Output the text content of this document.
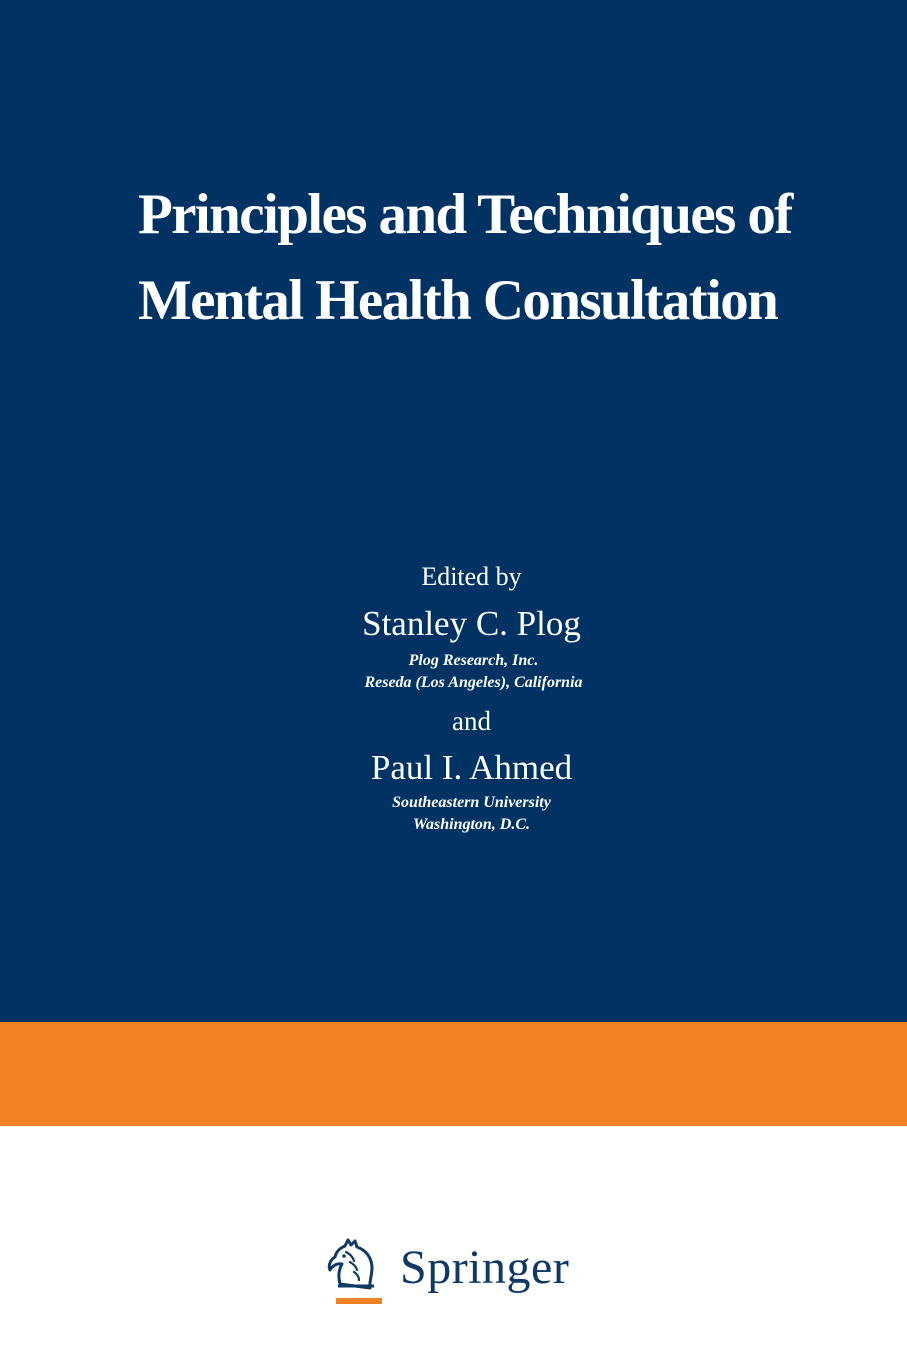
Principles and Techniques of
Mental Health Consultation
Edited by
Stanley C. Plog
Plog Research, Inc.
Reseda (Los Angeles), California
and
Paul I. Ahmed
Southeastern University
Washington, D.C.
Springer
